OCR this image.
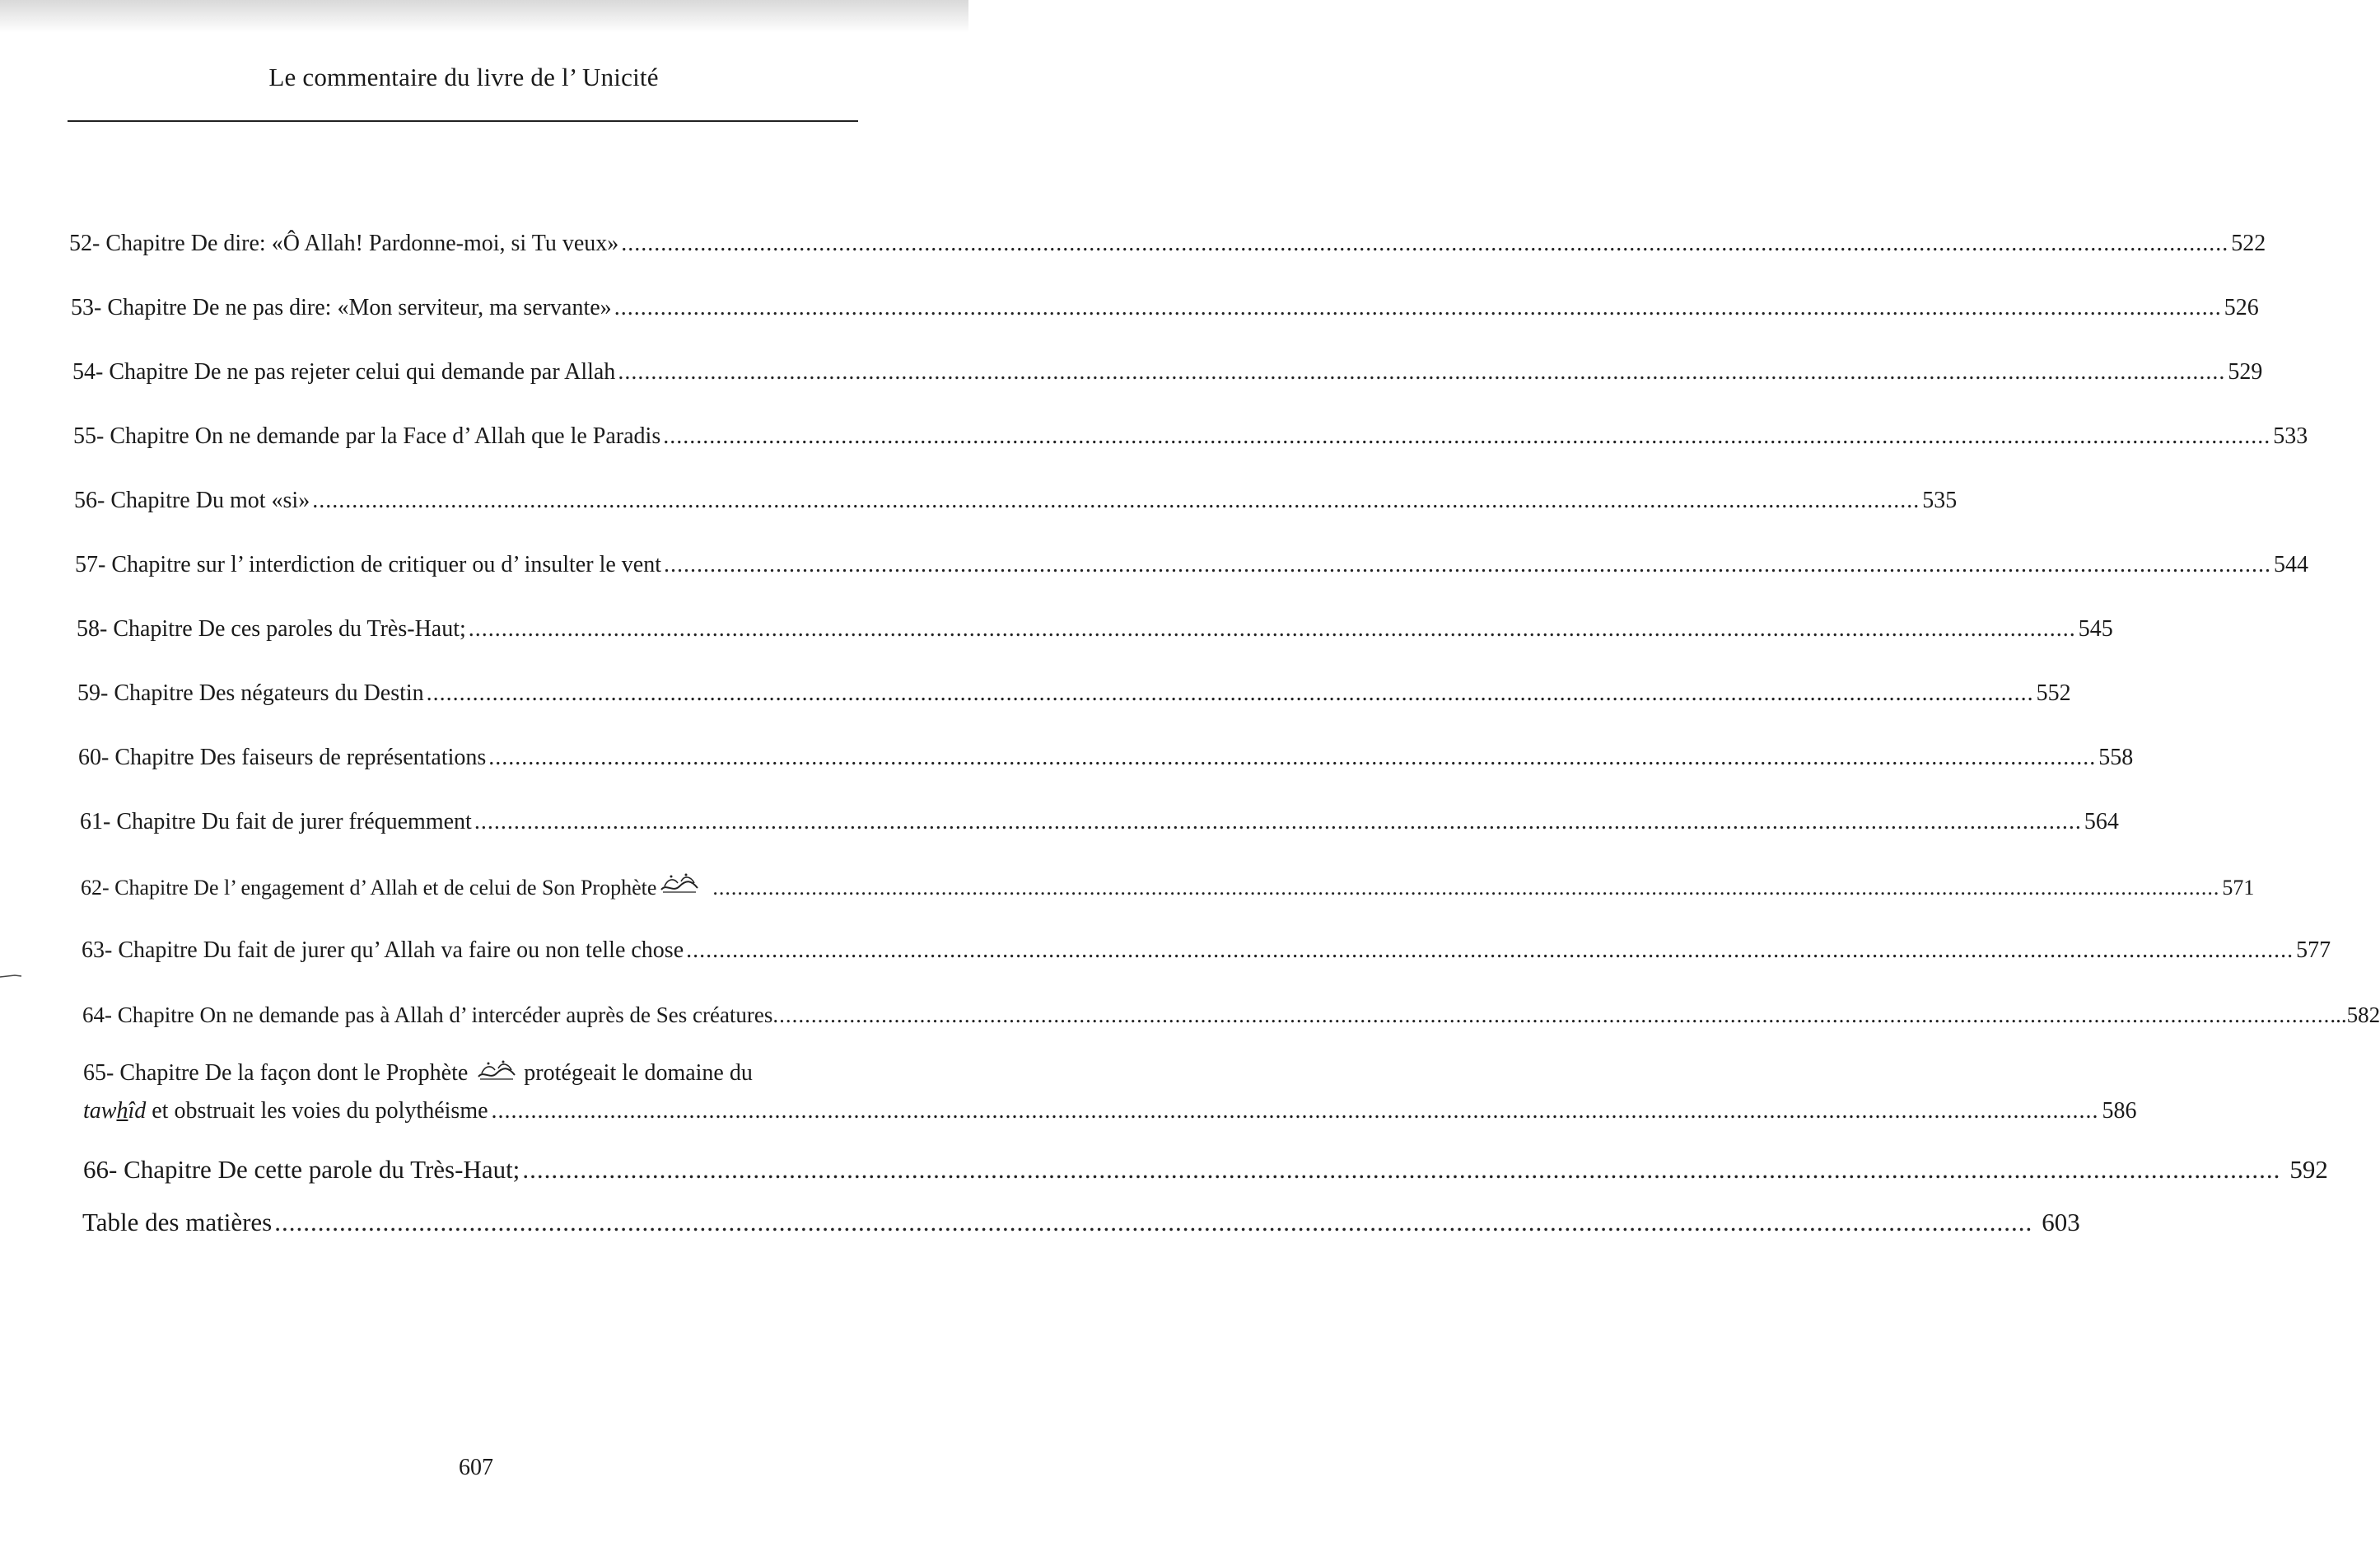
Le commentaire du livre de l’ Unicité
52- Chapitre De dire: «Ô Allah! Pardonne-moi, si Tu veux» .....	522
53- Chapitre De ne pas dire: «Mon serviteur, ma servante» .....	526
54- Chapitre De ne pas rejeter celui qui demande par Allah .....	529
55- Chapitre On ne demande par la Face d’ Allah que le Paradis .....	533
56- Chapitre Du mot «si» .....	535
57- Chapitre sur l’ interdiction de critiquer ou d’ insulter le vent .....	544
58- Chapitre De ces paroles du Très-Haut; .....	545
59- Chapitre Des négateurs du Destin .....	552
60- Chapitre Des faiseurs de représentations .....	558
61- Chapitre Du fait de jurer fréquemment .....	564
62- Chapitre De l’ engagement d’ Allah et de celui de Son Prophète .....	571
63- Chapitre Du fait de jurer qu’ Allah va faire ou non telle chose .....	577
64- Chapitre On ne demande pas à Allah d’ intercéder auprès de Ses créatures .....	... 582
65- Chapitre De la façon dont le Prophète protégeait le domaine du
tawhîd
et obstruait les voies du polythéisme .....	586
66- Chapitre De cette parole du Très-Haut; .....	592
Table des matières .....	603
607
